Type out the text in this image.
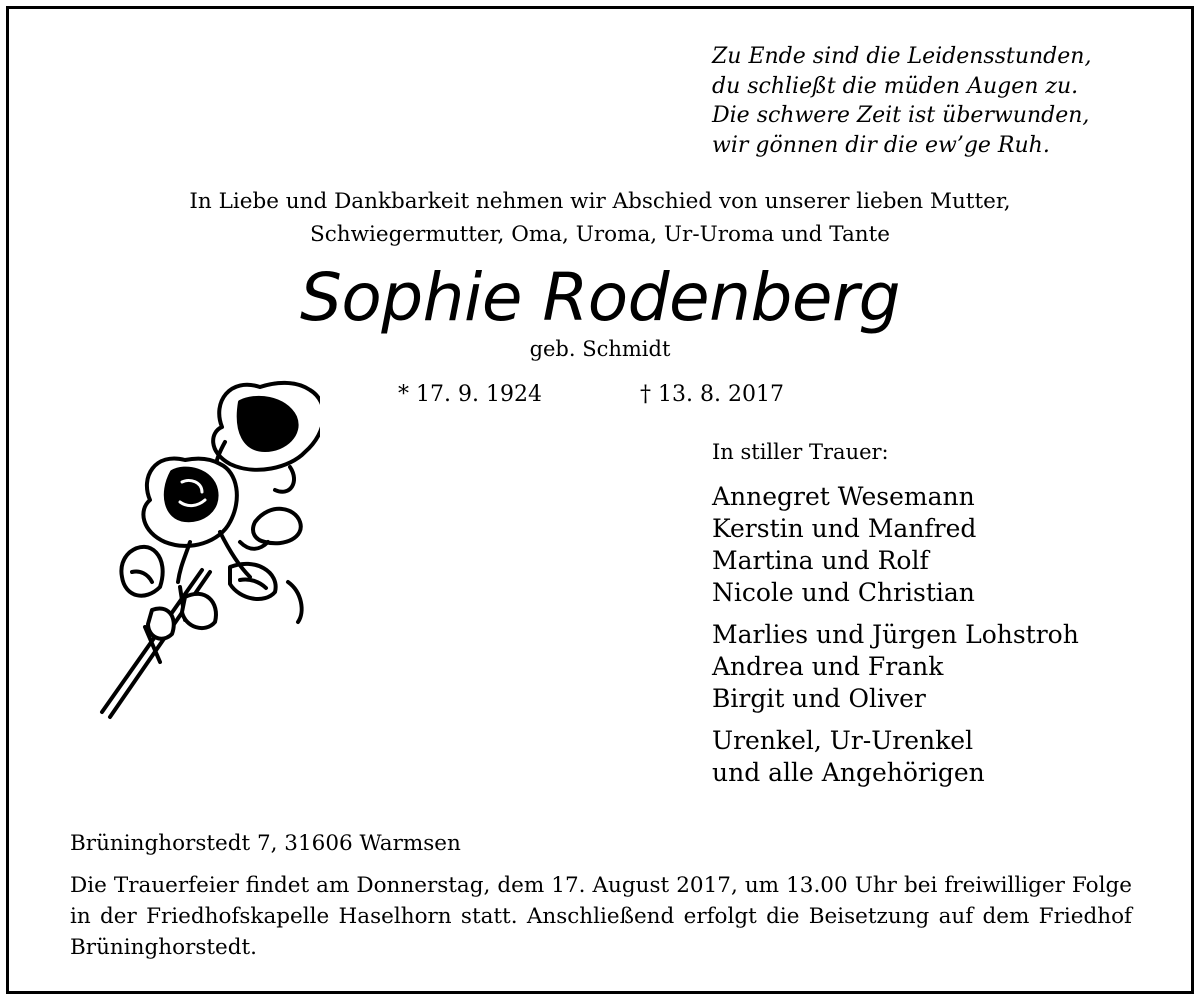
Zu Ende sind die Leidensstunden,
du schließt die müden Augen zu.
Die schwere Zeit ist überwunden,
wir gönnen dir die ew’ge Ruh.
In Liebe und Dankbarkeit nehmen wir Abschied von unserer lieben Mutter,
Schwiegermutter, Oma, Uroma, Ur-Uroma und Tante
Sophie Rodenberg
geb. Schmidt
* 17. 9. 1924	† 13. 8. 2017
In stiller Trauer:
Annegret Wesemann
Kerstin und Manfred
Martina und Rolf
Nicole und Christian
Marlies und Jürgen Lohstroh
Andrea und Frank
Birgit und Oliver
Urenkel, Ur-Urenkel
und alle Angehörigen
Brüninghorstedt 7, 31606 Warmsen
Die Trauerfeier findet am Donnerstag, dem 17. August 2017, um 13.00 Uhr bei freiwilliger Folge in der Friedhofskapelle Haselhorn statt. Anschließend erfolgt die Beisetzung auf dem Friedhof Brüninghorstedt.
